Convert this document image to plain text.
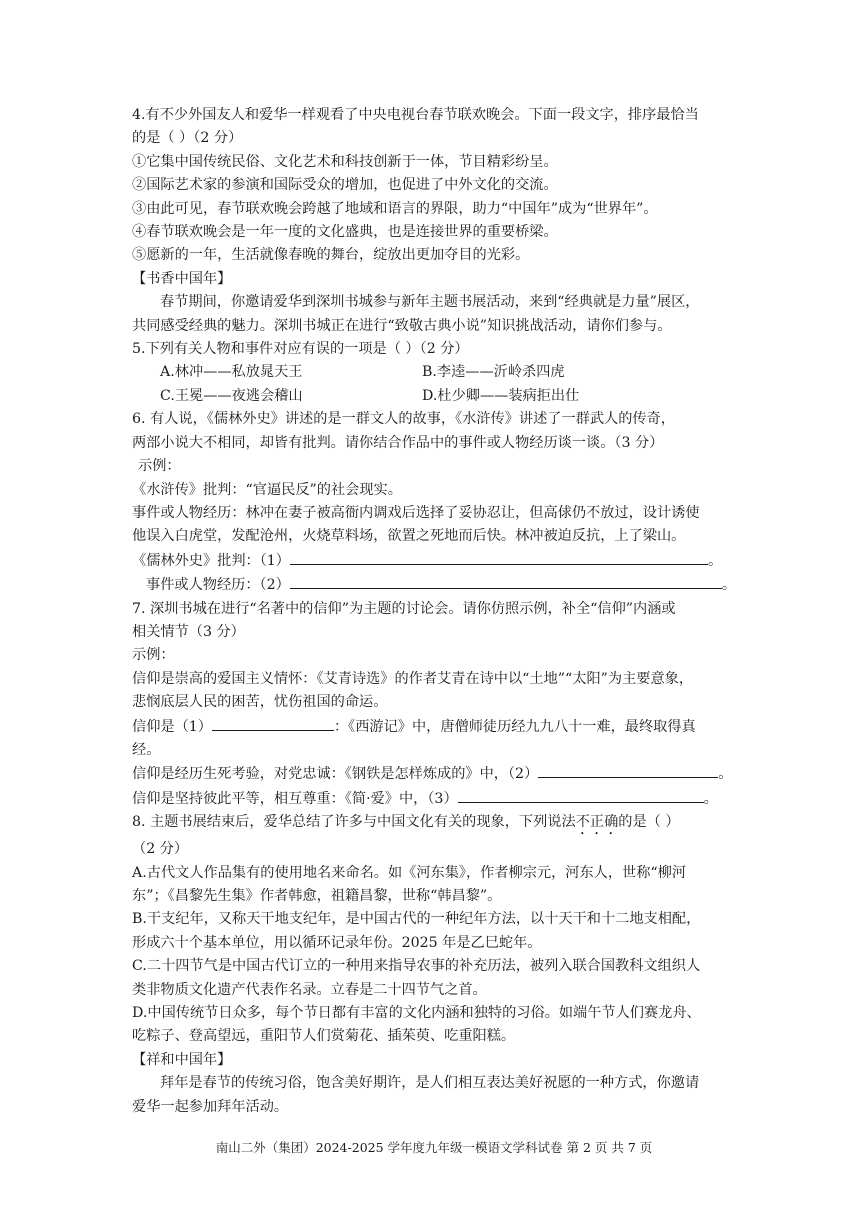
4.有不少外国友人和爱华一样观看了中央电视台春节联欢晚会。下面一段文字，排序最恰当

的是（ ）（2 分）

①它集中国传统民俗、文化艺术和科技创新于一体，节目精彩纷呈。

②国际艺术家的参演和国际受众的增加，也促进了中外文化的交流。

③由此可见，春节联欢晚会跨越了地域和语言的界限，助力“中国年”成为“世界年”。

④春节联欢晚会是一年一度的文化盛典，也是连接世界的重要桥梁。

⑤愿新的一年，生活就像春晚的舞台，绽放出更加夺目的光彩。

【书香中国年】

春节期间，你邀请爱华到深圳书城参与新年主题书展活动，来到“经典就是力量”展区，

共同感受经典的魅力。深圳书城正在进行“致敬古典小说”知识挑战活动，请你们参与。

5.下列有关人物和事件对应有误的一项是（ ）（2 分）

A.林冲——私放晁天王	B.李逵——沂岭杀四虎
C.王冕——夜逃会稽山	D.杜少卿——装病拒出仕

6. 有人说，《儒林外史》讲述的是一群文人的故事，《水浒传》讲述了一群武人的传奇，

两部小说大不相同，却皆有批判。请你结合作品中的事件或人物经历谈一谈。（3 分）

示例：

《水浒传》批判：“官逼民反”的社会现实。

事件或人物经历：林冲在妻子被高衙内调戏后选择了妥协忍让，但高俅仍不放过，设计诱使

他误入白虎堂，发配沧州，火烧草料场，欲置之死地而后快。林冲被迫反抗，上了梁山。

《儒林外史》批判：（1）	。

事件或人物经历：（2）	。

7. 深圳书城在进行“名著中的信仰”为主题的讨论会。请你仿照示例，补全“信仰”内涵或

相关情节（3 分）

示例：

信仰是崇高的爱国主义情怀：《艾青诗选》的作者艾青在诗中以“土地”“太阳”为主要意象，

悲悯底层人民的困苦，忧伤祖国的命运。

信仰是（1）	：《西游记》中，唐僧师徒历经九九八十一难，最终取得真

经。

信仰是经历生死考验，对党忠诚：《钢铁是怎样炼成的》中，（2）	。

信仰是坚持彼此平等，相互尊重：《简·爱》中，（3）	。

8. 主题书展结束后，爱华总结了许多与中国文化有关的现象，下列说法不正确的是（ ）

（2 分）

A.古代文人作品集有的使用地名来命名。如《河东集》，作者柳宗元，河东人，世称“柳河

东”；《昌黎先生集》作者韩愈，祖籍昌黎，世称“韩昌黎”。

B.干支纪年，又称天干地支纪年，是中国古代的一种纪年方法，以十天干和十二地支相配，

形成六十个基本单位，用以循环记录年份。2025 年是乙巳蛇年。

C.二十四节气是中国古代订立的一种用来指导农事的补充历法，被列入联合国教科文组织人

类非物质文化遗产代表作名录。立春是二十四节气之首。

D.中国传统节日众多，每个节日都有丰富的文化内涵和独特的习俗。如端午节人们赛龙舟、

吃粽子、登高望远，重阳节人们赏菊花、插茱萸、吃重阳糕。

【祥和中国年】

拜年是春节的传统习俗，饱含美好期许，是人们相互表达美好祝愿的一种方式，你邀请

爱华一起参加拜年活动。

南山二外（集团）2024-2025 学年度九年级一模语文学科试卷 第 2 页 共 7 页
